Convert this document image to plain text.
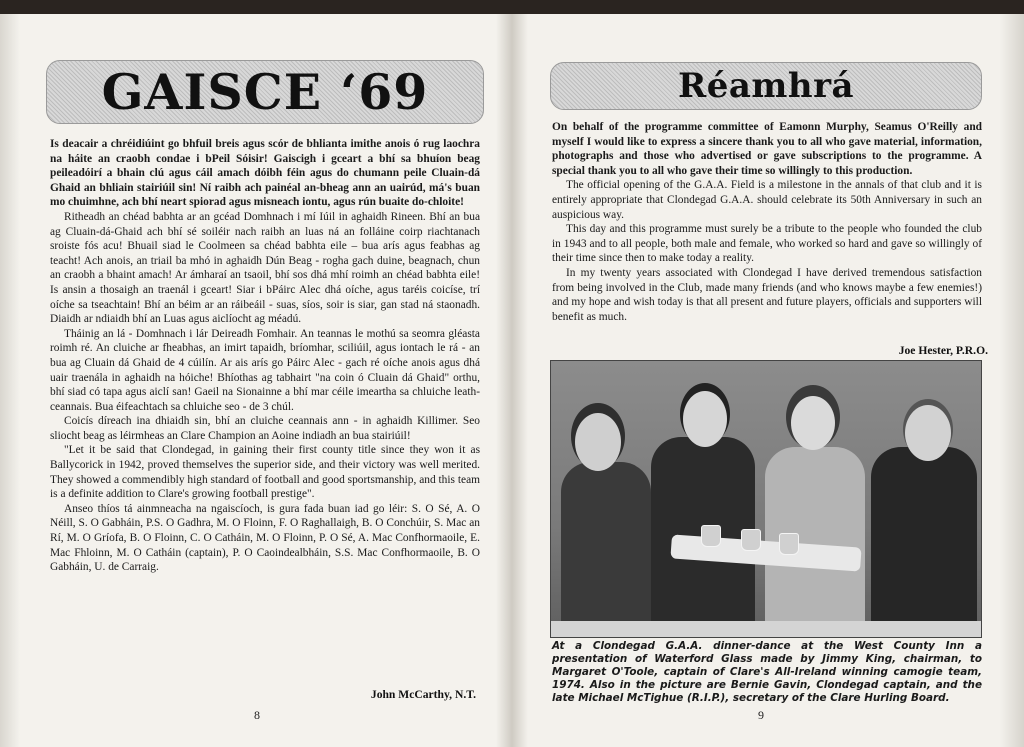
GAISCE ‘69

Is deacair a chréidiúint go bhfuil breis agus scór de bhlianta imithe anois ó rug laochra na háite an craobh condae i bPeil Sóisir! Gaiscigh i gceart a bhí sa bhuíon beag peileadóirí a bhain clú agus cáil amach dóibh féin agus do chumann peile Cluain-dá Ghaid an bhliain stairiúil sin! Ní raibh ach painéal an-bheag ann an uairúd, má's buan mo chuimhne, ach bhí neart spiorad agus misneach iontu, agus rún buaite do-chloite!

Ritheadh an chéad babhta ar an gcéad Domhnach i mí Iúil in aghaidh Rineen. Bhí an bua ag Cluain-dá-Ghaid ach bhí sé soiléir nach raibh an luas ná an folláine coirp riachtanach sroiste fós acu! Bhuail siad le Coolmeen sa chéad babhta eile – bua arís agus feabhas ag teacht! Ach anois, an triail ba mhó in aghaidh Dún Beag - rogha gach duine, beagnach, chun an craobh a bhaint amach! Ar ámharaí an tsaoil, bhí sos dhá mhí roimh an chéad babhta eile! Is ansin a thosaigh an traenál i gceart! Siar i bPáirc Alec dhá oíche, agus taréis coicíse, trí oíche sa tseachtain! Bhí an béim ar an ráibeáil - suas, síos, soir is siar, gan stad ná staonadh. Diaidh ar ndiaidh bhí an Luas agus aiclíocht ag méadú.

Tháinig an lá - Domhnach i lár Deireadh Fomhair. An teannas le mothú sa seomra gléasta roimh ré. An cluiche ar fheabhas, an imirt tapaidh, bríomhar, sciliúil, agus iontach le rá - an bua ag Cluain dá Ghaid de 4 cúilín. Ar ais arís go Páirc Alec - gach ré oíche anois agus dhá uair traenála in aghaidh na hóiche! Bhíothas ag tabhairt "na coin ó Cluain dá Ghaid" orthu, bhí siad có tapa agus aiclí san! Gaeil na Sionainne a bhí mar céile imeartha sa chluiche leath-ceannais. Bua éifeachtach sa chluiche seo - de 3 chúl.

Coicís díreach ina dhiaidh sin, bhí an cluiche ceannais ann - in aghaidh Killimer. Seo sliocht beag as léirmheas an Clare Champion an Aoine indiadh an bua stairiúil!

"Let it be said that Clondegad, in gaining their first county title since they won it as Ballycorick in 1942, proved themselves the superior side, and their victory was well merited. They showed a commendibly high standard of football and good sportsmanship, and this team is a definite addition to Clare's growing football prestige".

Anseo thíos tá ainmneacha na ngaiscíoch, is gura fada buan iad go léir: S. O Sé, A. O Néill, S. O Gabháin, P.S. O Gadhra, M. O Floinn, F. O Raghallaigh, B. O Conchúir, S. Mac an Rí, M. O Gríofa, B. O Floinn, C. O Catháin, M. O Floinn, P. O Sé, A. Mac Confhormaoile, E. Mac Fhloinn, M. O Catháin (captain), P. O Caoindealbháin, S.S. Mac Confhormaoile, B. O Gabháin, U. de Carraig.

John McCarthy, N.T.
8
Réamhrá

On behalf of the programme committee of Eamonn Murphy, Seamus O'Reilly and myself I would like to express a sincere thank you to all who gave material, information, photographs and those who advertised or gave subscriptions to the programme. A special thank you to all who gave their time so willingly to this production.

The official opening of the G.A.A. Field is a milestone in the annals of that club and it is entirely appropriate that Clondegad G.A.A. should celebrate its 50th Anniversary in such an auspicious way.

This day and this programme must surely be a tribute to the people who founded the club in 1943 and to all people, both male and female, who worked so hard and gave so willingly of their time since then to make today a reality.

In my twenty years associated with Clondegad I have derived tremendous satisfaction from being involved in the Club, made many friends (and who knows maybe a few enemies!) and my hope and wish today is that all present and future players, officials and supporters will benefit as much.

Joe Hester, P.R.O.
At a Clondegad G.A.A. dinner-dance at the West County Inn a presentation of Waterford Glass made by Jimmy King, chairman, to Margaret O'Toole, captain of Clare's All-Ireland winning camogie team, 1974. Also in the picture are Bernie Gavin, Clondegad captain, and the late Michael McTighue (R.I.P.), secretary of the Clare Hurling Board.
9
